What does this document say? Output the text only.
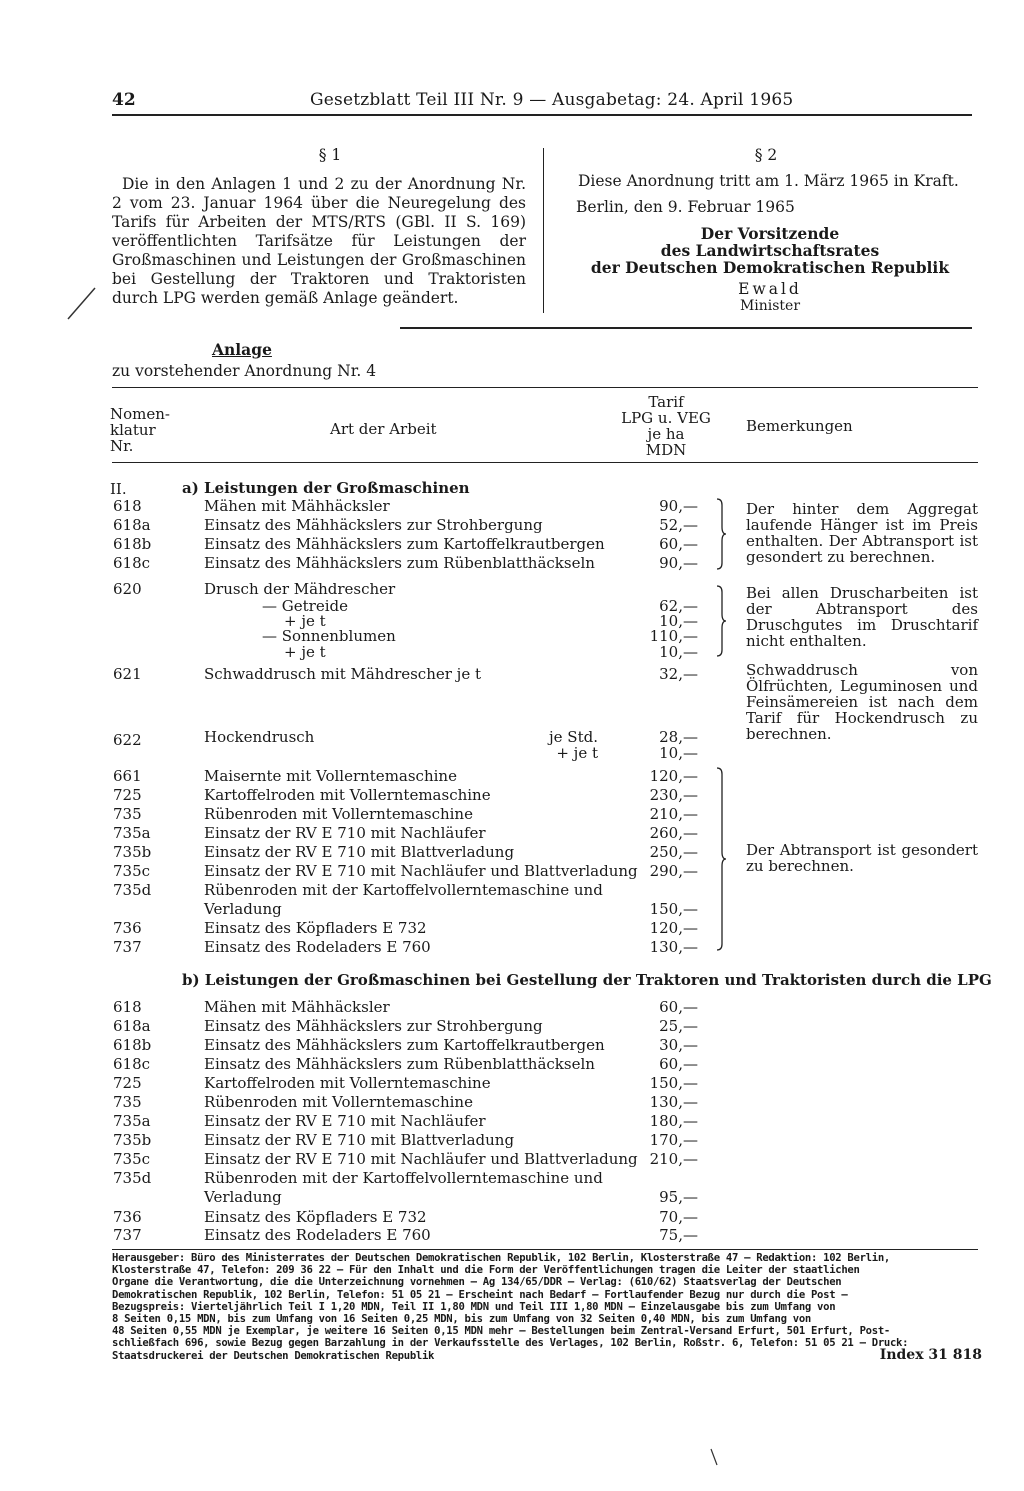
42	Gesetzblatt Teil III Nr. 9 — Ausgabetag: 24. April 1965
§ 1
Die in den Anlagen 1 und 2 zu der Anordnung Nr. 2 vom 23. Januar 1964 über die Neuregelung des Tarifs für Arbeiten der MTS/RTS (GBl. II S. 169) veröffentlichten Tarifsätze für Leistungen der Großmaschinen und Leistungen der Großmaschinen bei Gestellung der Traktoren und Traktoristen durch LPG werden gemäß Anlage geändert.
§ 2
Diese Anordnung tritt am 1. März 1965 in Kraft.
Berlin, den 9. Februar 1965
Der Vorsitzende
des Landwirtschaftsrates
der Deutschen Demokratischen Republik
Ewald
Minister
Anlage
zu vorstehender Anordnung Nr. 4
Nomen-
klatur
Nr.
Art der Arbeit
Tarif
LPG u. VEG
je ha
MDN
Bemerkungen
II.	a) Leistungen der Großmaschinen
618	Mähen mit Mähhäcksler	90,—
618a	Einsatz des Mähhäckslers zur Strohbergung	52,—
618b	Einsatz des Mähhäckslers zum Kartoffelkrautbergen	60,—
618c	Einsatz des Mähhäckslers zum Rübenblatthäckseln	90,—
620	Drusch der Mähdrescher
— Getreide	62,—
+ je t	10,—
— Sonnenblumen	110,—
+ je t	10,—
621	Schwaddrusch mit Mähdrescher je t	32,—
622	Hockendrusch	je Std.	28,—
+ je t	10,—
661	Maisernte mit Vollerntemaschine	120,—
725	Kartoffelroden mit Vollerntemaschine	230,—
735	Rübenroden mit Vollerntemaschine	210,—
735a	Einsatz der RV E 710 mit Nachläufer	260,—
735b	Einsatz der RV E 710 mit Blattverladung	250,—
735c	Einsatz der RV E 710 mit Nachläufer und Blattverladung 290,—
735d	Rübenroden mit der Kartoffelvollerntemaschine und
Verladung	150,—
736	Einsatz des Köpfladers E 732	120,—
737	Einsatz des Rodeladers E 760	130,—
Der hinter dem Aggregat laufende Hänger ist im Preis enthalten. Der Abtransport ist gesondert zu berechnen.
Bei allen Druscharbeiten ist der Abtransport des Druschgutes im Druschtarif nicht enthalten.
Schwaddrusch von Ölfrüchten, Leguminosen und Feinsämereien ist nach dem Tarif für Hockendrusch zu berechnen.
Der Abtransport ist gesondert zu berechnen.
b) Leistungen der Großmaschinen bei Gestellung der Traktoren und Traktoristen durch die LPG
618	Mähen mit Mähhäcksler	60,—
618a	Einsatz des Mähhäckslers zur Strohbergung	25,—
618b	Einsatz des Mähhäckslers zum Kartoffelkrautbergen	30,—
618c	Einsatz des Mähhäckslers zum Rübenblatthäckseln	60,—
725	Kartoffelroden mit Vollerntemaschine	150,—
735	Rübenroden mit Vollerntemaschine	130,—
735a	Einsatz der RV E 710 mit Nachläufer	180,—
735b	Einsatz der RV E 710 mit Blattverladung	170,—
735c	Einsatz der RV E 710 mit Nachläufer und Blattverladung 210,—
735d	Rübenroden mit der Kartoffelvollerntemaschine und
Verladung	95,—
736	Einsatz des Köpfladers E 732	70,—
737	Einsatz des Rodeladers E 760	75,—
Herausgeber: Büro des Ministerrates der Deutschen Demokratischen Republik, 102 Berlin, Klosterstraße 47 – Redaktion: 102 Berlin,
Klosterstraße 47, Telefon: 209 36 22 – Für den Inhalt und die Form der Veröffentlichungen tragen die Leiter der staatlichen
Organe die Verantwortung, die die Unterzeichnung vornehmen – Ag 134/65/DDR – Verlag: (610/62) Staatsverlag der Deutschen
Demokratischen Republik, 102 Berlin, Telefon: 51 05 21 – Erscheint nach Bedarf – Fortlaufender Bezug nur durch die Post –
Bezugspreis: Vierteljährlich Teil I 1,20 MDN, Teil II 1,80 MDN und Teil III 1,80 MDN – Einzelausgabe bis zum Umfang von
8 Seiten 0,15 MDN, bis zum Umfang von 16 Seiten 0,25 MDN, bis zum Umfang von 32 Seiten 0,40 MDN, bis zum Umfang von
48 Seiten 0,55 MDN je Exemplar, je weitere 16 Seiten 0,15 MDN mehr – Bestellungen beim Zentral-Versand Erfurt, 501 Erfurt, Post-
schließfach 696, sowie Bezug gegen Barzahlung in der Verkaufsstelle des Verlages, 102 Berlin, Roßstr. 6, Telefon: 51 05 21 – Druck:
Staatsdruckerei der Deutschen Demokratischen Republik	Index 31 818
